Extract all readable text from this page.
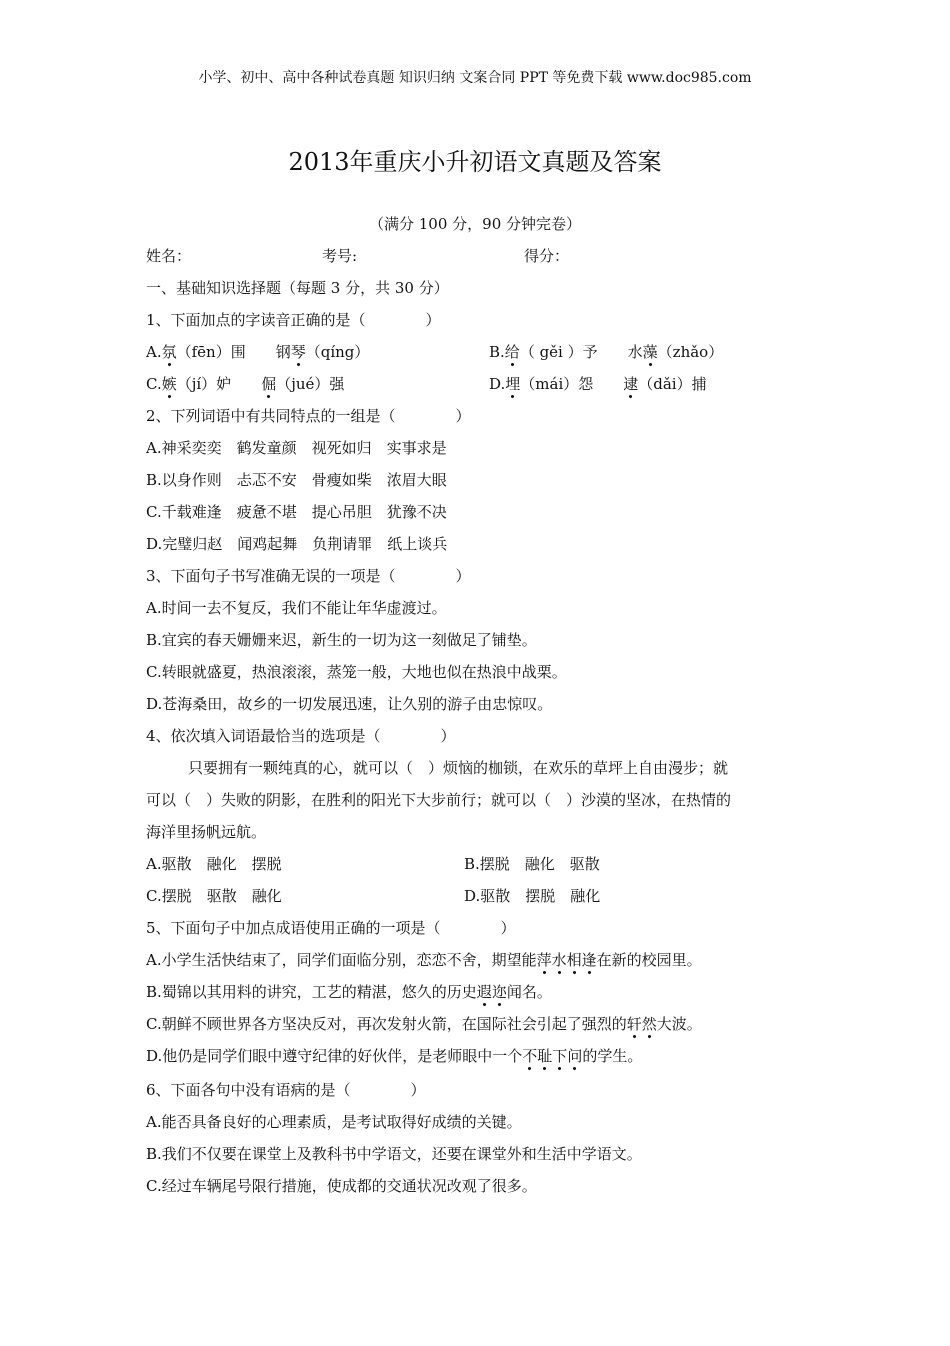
小学、初中、高中各种试卷真题 知识归纳 文案合同 PPT 等免费下载 www.doc985.com
2013年重庆小升初语文真题及答案
（满分 100 分，90 分钟完卷）
姓名：	考号:	得分：
一、基础知识选择题（每题 3 分，共 30 分）
1、下面加点的字读音正确的是（　　　　）
A.氛（fēn）围 钢琴（qíng）	B.给（ gěi ）予 水藻（zhǎo）
C.嫉（jí）妒 倔（jué）强	D.埋（mái）怨 逮（dǎi）捕
2、下列词语中有共同特点的一组是（　　　　）
A.神采奕奕　鹤发童颜　视死如归　实事求是
B.以身作则　忐忑不安　骨瘦如柴　浓眉大眼
C.千载难逢　疲惫不堪　提心吊胆　犹豫不决
D.完璧归赵　闻鸡起舞　负荆请罪　纸上谈兵
3、下面句子书写准确无误的一项是（　　　　）
A.时间一去不复反，我们不能让年华虚渡过。
B.宜宾的春天姗姗来迟，新生的一切为这一刻做足了铺垫。
C.转眼就盛夏，热浪滚滚，蒸笼一般，大地也似在热浪中战栗。
D.苍海桑田，故乡的一切发展迅速，让久别的游子由忠惊叹。
4、依次填入词语最恰当的选项是（　　　　）
只要拥有一颗纯真的心，就可以（　）烦恼的枷锁，在欢乐的草坪上自由漫步；就
可以（　）失败的阴影，在胜利的阳光下大步前行；就可以（　）沙漠的坚冰，在热情的
海洋里扬帆远航。
A.驱散　融化　摆脱	B.摆脱　融化　驱散
C.摆脱　驱散　融化	D.驱散　摆脱　融化
5、下面句子中加点成语使用正确的一项是（　　　　）
A.小学生活快结束了，同学们面临分别，恋恋不舍，期望能萍水相逢在新的校园里。
B.蜀锦以其用料的讲究，工艺的精湛，悠久的历史遐迩闻名。
C.朝鲜不顾世界各方坚决反对，再次发射火箭，在国际社会引起了强烈的轩然大波。
D.他仍是同学们眼中遵守纪律的好伙伴，是老师眼中一个不耻下问的学生。
6、下面各句中没有语病的是（　　　　）
A.能否具备良好的心理素质，是考试取得好成绩的关键。
B.我们不仅要在课堂上及教科书中学语文，还要在课堂外和生活中学语文。
C.经过车辆尾号限行措施，使成都的交通状况改观了很多。
